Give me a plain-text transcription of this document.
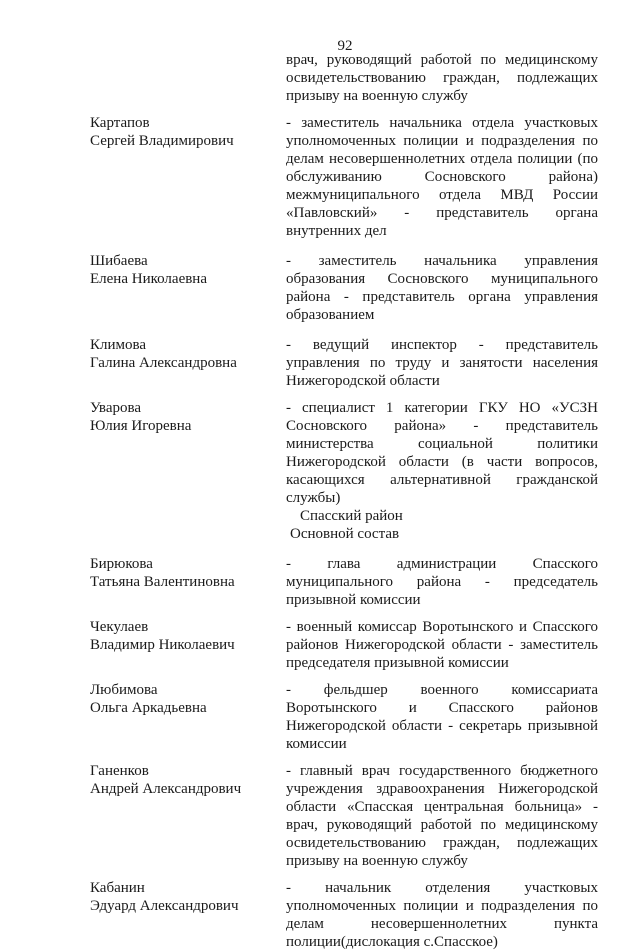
92
врач, руководящий работой по медицинскому освидетельствованию граждан, подлежащих призыву на военную службу
Картапов
Сергей Владимирович
- заместитель начальника отдела участковых уполномоченных полиции и подразделения по делам несовершеннолетних отдела полиции (по обслуживанию Сосновского района) межмуниципального отдела МВД России «Павловский» - представитель органа внутренних дел
Шибаева
Елена Николаевна
- заместитель начальника управления образования Сосновского муниципального района - представитель органа управления образованием
Климова
Галина Александровна
- ведущий инспектор - представитель управления по труду и занятости населения Нижегородской области
Уварова
Юлия Игоревна
- специалист 1 категории ГКУ НО «УСЗН Сосновского района» - представитель министерства социальной политики Нижегородской области (в части вопросов, касающихся альтернативной гражданской службы)
Спасский район
Основной состав
Бирюкова
Татьяна Валентиновна
- глава администрации Спасского муниципального района - председатель призывной комиссии
Чекулаев
Владимир Николаевич
- военный комиссар Воротынского и Спасского районов Нижегородской области - заместитель председателя призывной комиссии
Любимова
Ольга Аркадьевна
- фельдшер военного комиссариата Воротынского и Спасского районов Нижегородской области - секретарь призывной комиссии
Ганенков
Андрей Александрович
- главный врач государственного бюджетного учреждения здравоохранения Нижегородской области «Спасская центральная больница» - врач, руководящий работой по медицинскому освидетельствованию граждан, подлежащих призыву на военную службу
Кабанин
Эдуард Александрович
- начальник отделения участковых уполномоченных полиции и подразделения по делам несовершеннолетних пункта полиции(дислокация с.Спасское)
